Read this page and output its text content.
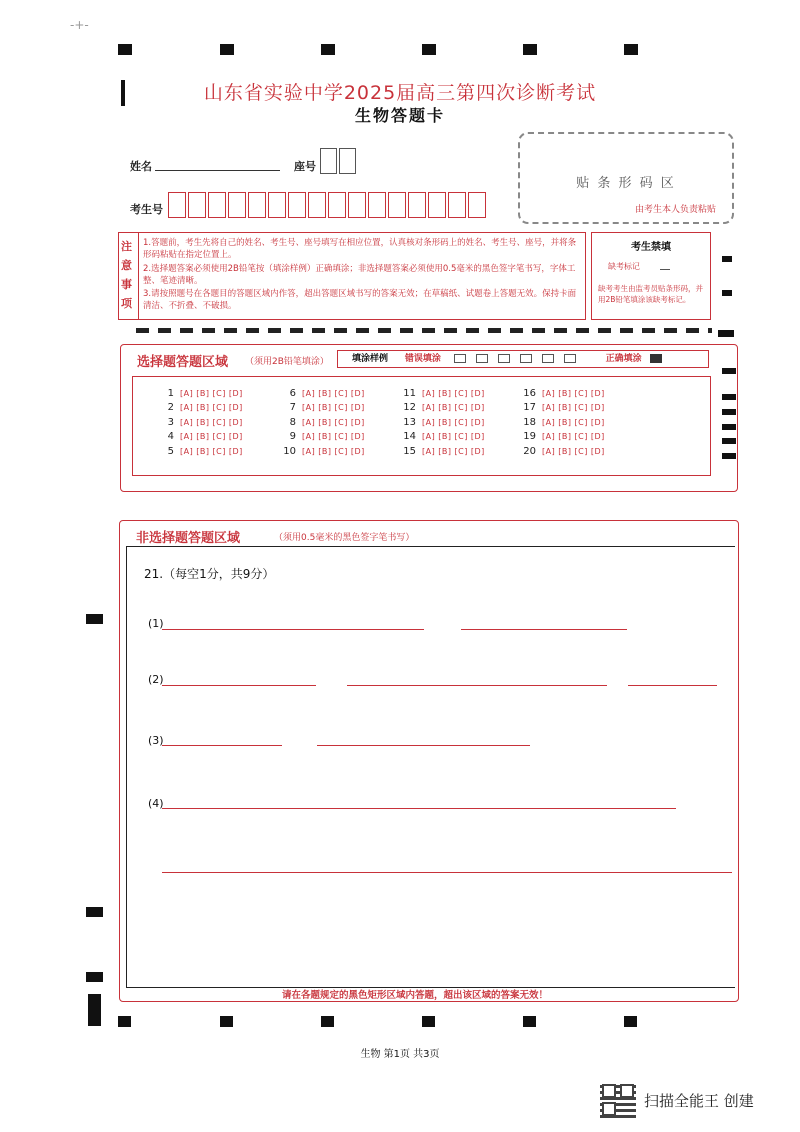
-+-
山东省实验中学2025届高三第四次诊断考试
生物答题卡
姓名	座号
考生号
贴 条 形 码 区
由考生本人负责粘贴
注意事项
1.答题前，考生先将自己的姓名、考生号、座号填写在相应位置，认真核对条形码上的姓名、考生号、座号，并将条形码粘贴在指定位置上。
2.选择题答案必须使用2B铅笔按（填涂样例）正确填涂；非选择题答案必须使用0.5毫米的黑色签字笔书写，字体工整、笔迹清晰。
3.请按照题号在各题目的答题区域内作答，超出答题区域书写的答案无效；在草稿纸、试题卷上答题无效。保持卡面清洁、不折叠、不破损。
考生禁填
缺考标记
缺考考生由监考员贴条形码，并用2B铅笔填涂该缺考标记。
选择题答题区域 （须用2B铅笔填涂）	填涂样例 错误填涂	正确填涂
1 [A] [B] [C] [D]
2 [A] [B] [C] [D]
3 [A] [B] [C] [D]
4 [A] [B] [C] [D]
5 [A] [B] [C] [D]
6 [A] [B] [C] [D]
7 [A] [B] [C] [D]
8 [A] [B] [C] [D]
9 [A] [B] [C] [D]
10 [A] [B] [C] [D]
11 [A] [B] [C] [D]
12 [A] [B] [C] [D]
13 [A] [B] [C] [D]
14 [A] [B] [C] [D]
15 [A] [B] [C] [D]
16 [A] [B] [C] [D]
17 [A] [B] [C] [D]
18 [A] [B] [C] [D]
19 [A] [B] [C] [D]
20 [A] [B] [C] [D]
非选择题答题区域	（须用0.5毫米的黑色签字笔书写）
21.（每空1分，共9分）
(1)
(2)
(3)
(4)
请在各题规定的黑色矩形区域内答题，超出该区域的答案无效！
生物 第1页 共3页
扫描全能王 创建
